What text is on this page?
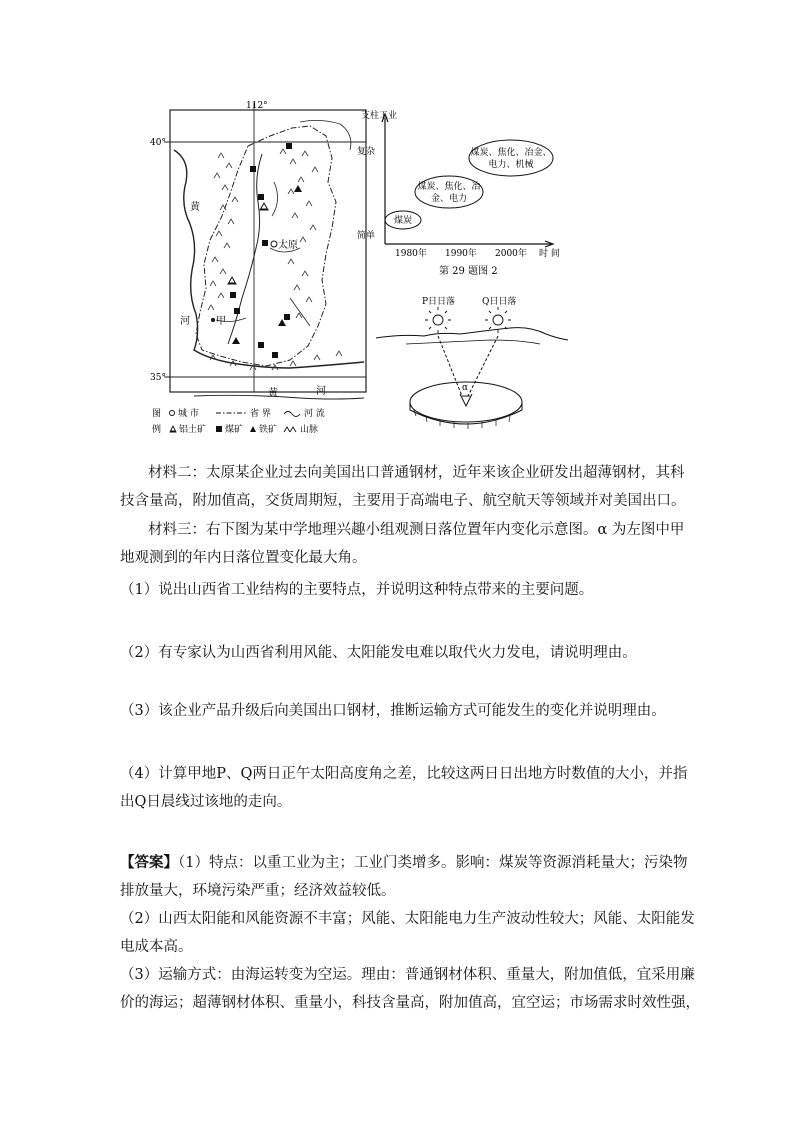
112°
40°
35°
太原
甲
黄
河
黄	河
图
例
城 市	省 界	河 流
铝土矿 煤矿 铁矿	山脉
支柱工业
复杂
简单
1980年 1990年 2000年 时 间
煤炭
煤炭、焦化、冶
金、电力
煤炭、焦化、冶金、
电力、机械
第 29 题图 2
P日日落	Q日日落
α
材料二：太原某企业过去向美国出口普通钢材，近年来该企业研发出超薄钢材，其科
技含量高，附加值高，交货周期短，主要用于高端电子、航空航天等领域并对美国出口。
材料三：右下图为某中学地理兴趣小组观测日落位置年内变化示意图。α 为左图中甲
地观测到的年内日落位置变化最大角。
（1）说出山西省工业结构的主要特点，并说明这种特点带来的主要问题。
（2）有专家认为山西省利用风能、太阳能发电难以取代火力发电，请说明理由。
（3）该企业产品升级后向美国出口钢材，推断运输方式可能发生的变化并说明理由。
（4）计算甲地P、Q两日正午太阳高度角之差，比较这两日日出地方时数值的大小，并指
出Q日晨线过该地的走向。
【答案】（1）特点：以重工业为主；工业门类增多。影响：煤炭等资源消耗量大；污染物
排放量大，环境污染严重；经济效益较低。
（2）山西太阳能和风能资源不丰富；风能、太阳能电力生产波动性较大；风能、太阳能发
电成本高。
（3）运输方式：由海运转变为空运。理由：普通钢材体积、重量大，附加值低，宜采用廉
价的海运；超薄钢材体积、重量小，科技含量高，附加值高，宜空运；市场需求时效性强，
